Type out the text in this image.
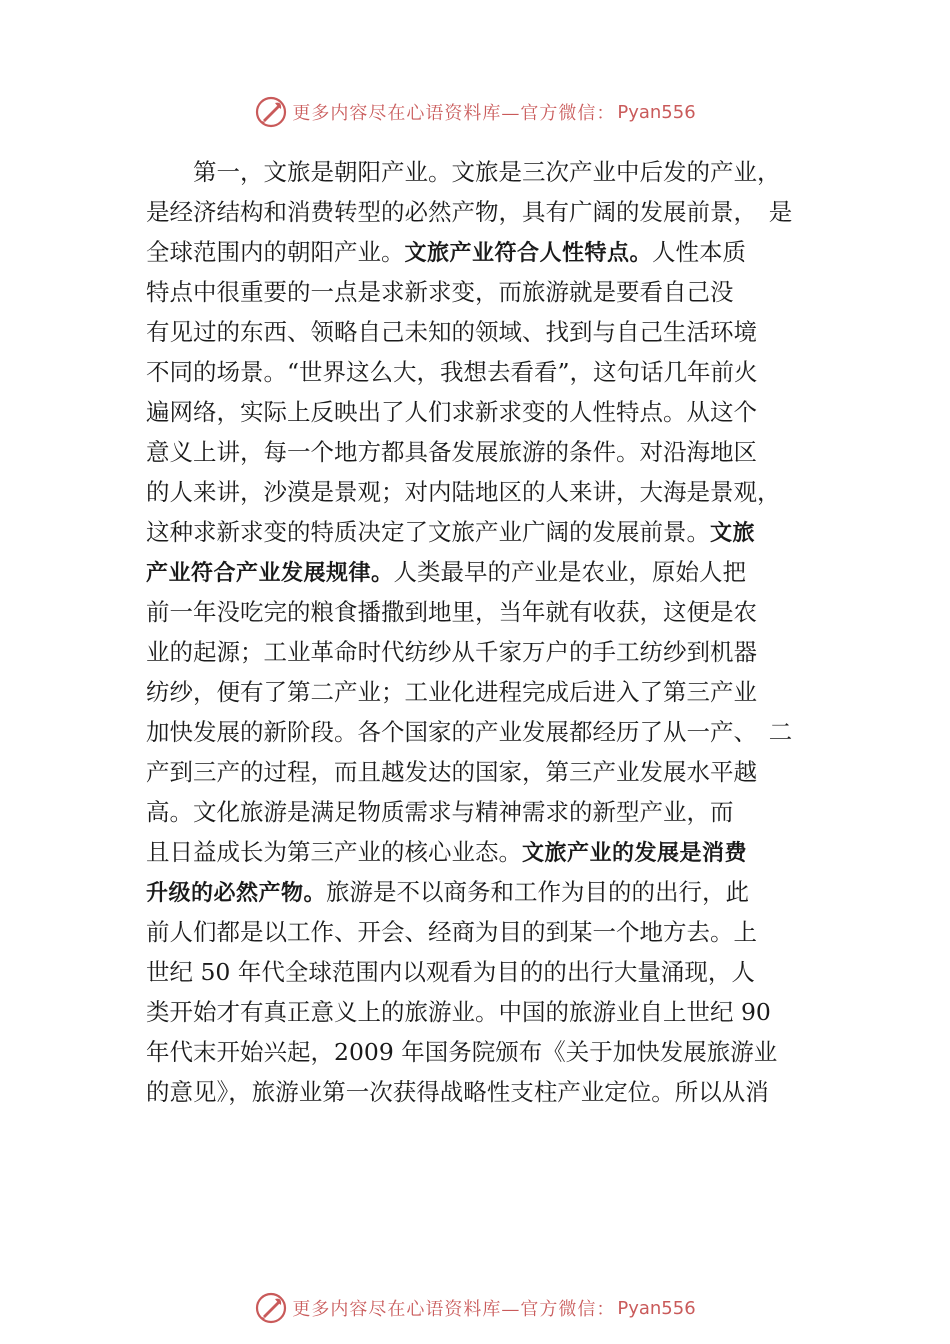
更多内容尽在心语资料库—官方微信： Pyan556
　　第一，文旅是朝阳产业。文旅是三次产业中后发的产业，
是经济结构和消费转型的必然产物，具有广阔的发展前景，　是
全球范围内的朝阳产业。文旅产业符合人性特点。人性本质
特点中很重要的一点是求新求变，而旅游就是要看自己没
有见过的东西、领略自己未知的领域、找到与自己生活环境
不同的场景。“世界这么大，我想去看看”，这句话几年前火
遍网络，实际上反映出了人们求新求变的人性特点。从这个
意义上讲，每一个地方都具备发展旅游的条件。对沿海地区
的人来讲，沙漠是景观；对内陆地区的人来讲，大海是景观，
这种求新求变的特质决定了文旅产业广阔的发展前景。文旅
产业符合产业发展规律。人类最早的产业是农业，原始人把
前一年没吃完的粮食播撒到地里，当年就有收获，这便是农
业的起源；工业革命时代纺纱从千家万户的手工纺纱到机器
纺纱，便有了第二产业；工业化进程完成后进入了第三产业
加快发展的新阶段。各个国家的产业发展都经历了从一产、　二
产到三产的过程，而且越发达的国家，第三产业发展水平越
高。文化旅游是满足物质需求与精神需求的新型产业，而
且日益成长为第三产业的核心业态。文旅产业的发展是消费
升级的必然产物。旅游是不以商务和工作为目的的出行，此
前人们都是以工作、开会、经商为目的到某一个地方去。上
世纪 50 年代全球范围内以观看为目的的出行大量涌现，人
类开始才有真正意义上的旅游业。中国的旅游业自上世纪 90
年代末开始兴起，2009 年国务院颁布《关于加快发展旅游业
的意见》，旅游业第一次获得战略性支柱产业定位。所以从消
更多内容尽在心语资料库—官方微信： Pyan556
